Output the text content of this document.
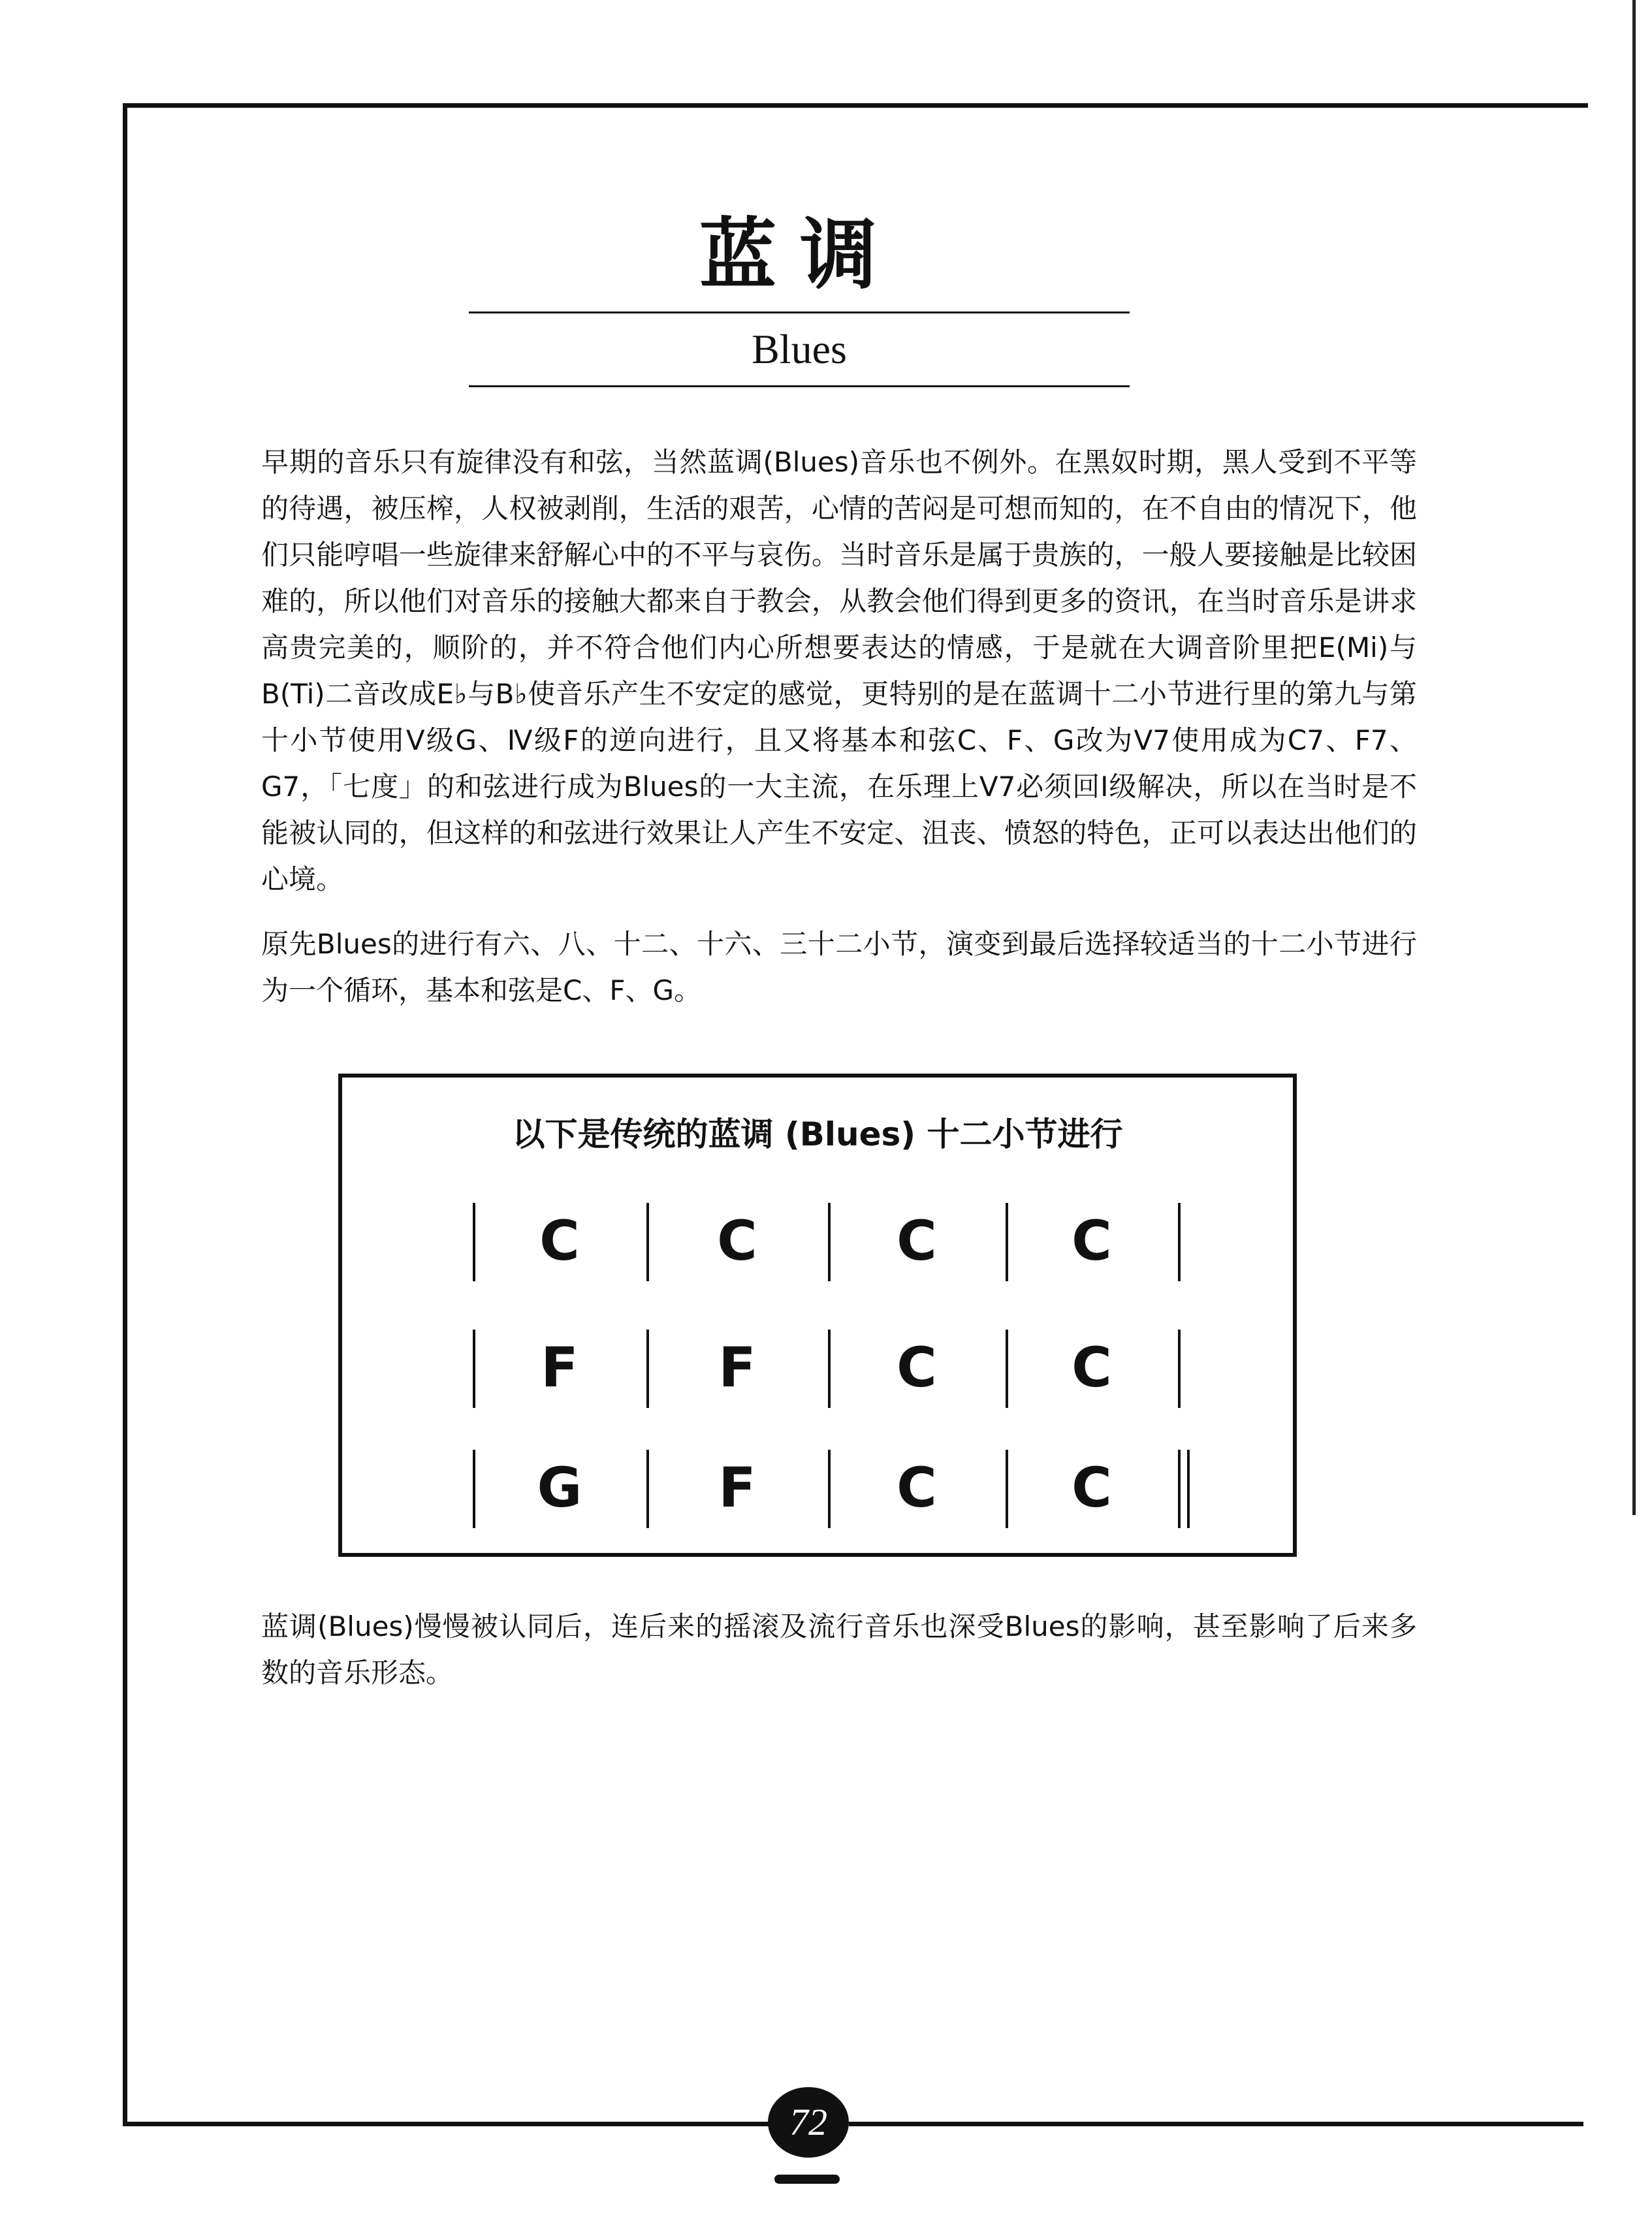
蓝调
Blues

早期的音乐只有旋律没有和弦，当然蓝调(Blues)音乐也不例外。在黑奴时期，黑人受到不平等的待遇，被压榨，人权被剥削，生活的艰苦，心情的苦闷是可想而知的，在不自由的情况下，他们只能哼唱一些旋律来舒解心中的不平与哀伤。当时音乐是属于贵族的，一般人要接触是比较困难的，所以他们对音乐的接触大都来自于教会，从教会他们得到更多的资讯，在当时音乐是讲求高贵完美的，顺阶的，并不符合他们内心所想要表达的情感，于是就在大调音阶里把E(Mi)与B(Ti)二音改成E♭与B♭使音乐产生不安定的感觉，更特别的是在蓝调十二小节进行里的第九与第十小节使用Ⅴ级G、Ⅳ级F的逆向进行，且又将基本和弦C、F、G改为V7使用成为C7、F7、G7，「七度」的和弦进行成为Blues的一大主流，在乐理上V7必须回Ⅰ级解决，所以在当时是不能被认同的，但这样的和弦进行效果让人产生不安定、沮丧、愤怒的特色，正可以表达出他们的心境。

原先Blues的进行有六、八、十二、十六、三十二小节，演变到最后选择较适当的十二小节进行为一个循环，基本和弦是C、F、G。

以下是传统的蓝调 (Blues) 十二小节进行
C	C	C	C
F	F	C	C
G	F	C	C

蓝调(Blues)慢慢被认同后，连后来的摇滚及流行音乐也深受Blues的影响，甚至影响了后来多数的音乐形态。

72
